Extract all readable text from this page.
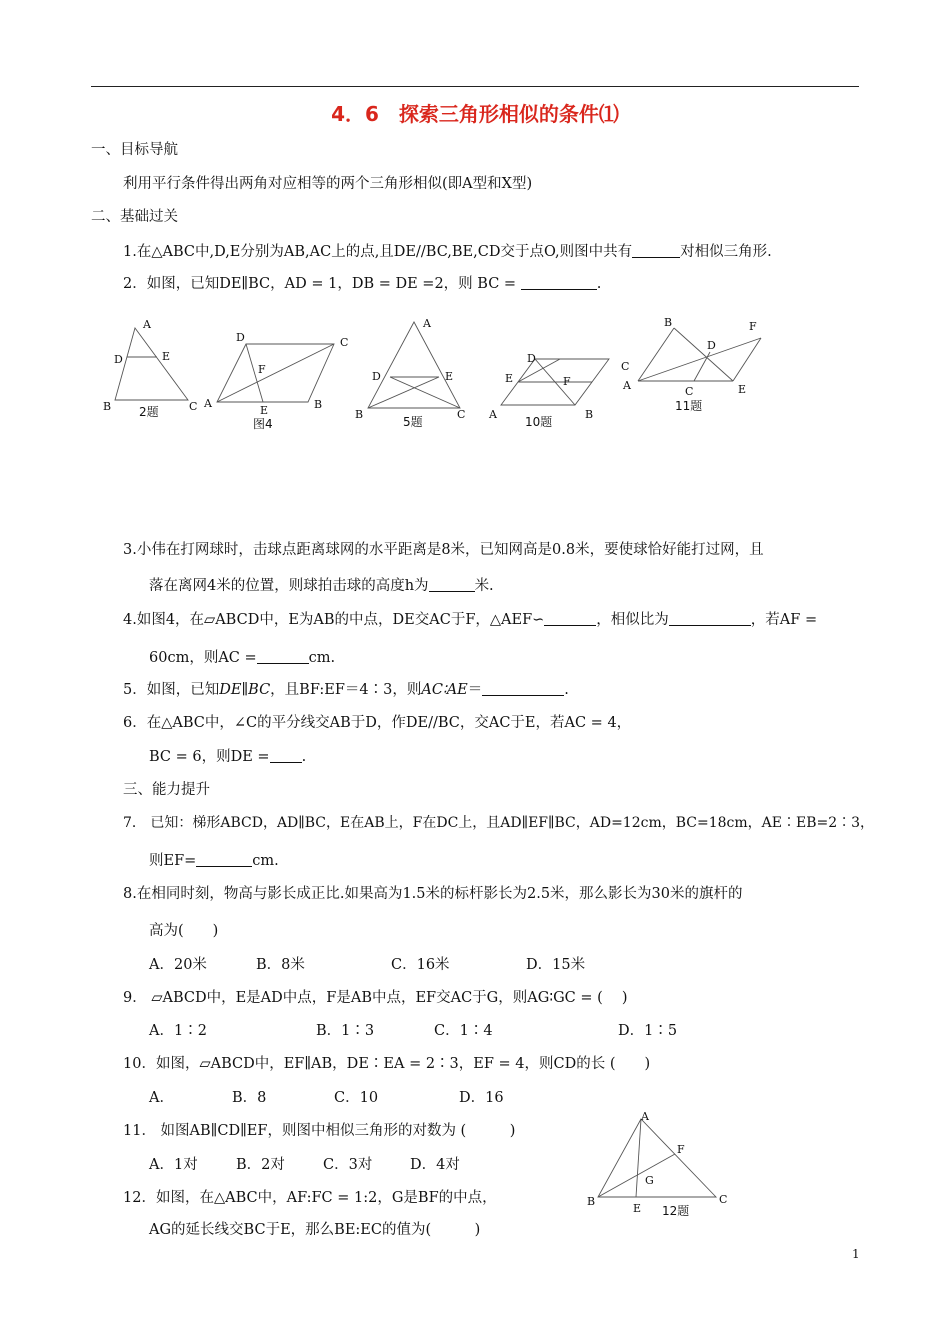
4．6　探索三角形相似的条件⑴
一、目标导航
利用平行条件得出两角对应相等的两个三角形相似(即A型和X型)
二、基础过关
1.在△ABC中,D,E分别为AB,AC上的点,且DE//BC,BE,CD交于点O,则图中共有	对相似三角形.
2．如图，已知DE∥BC，AD = 1，DB = DE =2，则 BC =	.
A
D	E
B	C
2题
D	C
F
A
E	B
图4
A
D	E
B	C
5题
D
C
E	F
A	B
10题
B	F
D
A	C	E
11题
3.小伟在打网球时，击球点距离球网的水平距离是8米，已知网高是0.8米，要使球恰好能打过网，且
落在离网4米的位置，则球拍击球的高度h为	米.
4.如图4，在▱ABCD中，E为AB的中点，DE交AC于F，△AEF∽	，相似比为	，若AF =
60cm，则AC =	cm.
5．如图，已知DE∥BC，且BF:EF＝4∶3，则AC∶AE＝	.
6．在△ABC中，∠C的平分线交AB于D，作DE//BC，交AC于E，若AC = 4，
BC = 6，则DE = .
三、能力提升
7． 已知：梯形ABCD，AD∥BC，E在AB上，F在DC上，且AD∥EF∥BC，AD=12cm，BC=18cm，AE∶EB=2∶3，
则EF=	cm.
8.在相同时刻，物高与影长成正比.如果高为1.5米的标杆影长为2.5米，那么影长为30米的旗杆的
高为(　　)
A．20米	B．8米	C．16米	D．15米
9． ▱ABCD中，E是AD中点，F是AB中点，EF交AC于G，则AG∶GC = (　 )
A．1∶2	B．1∶3	C．1∶4	D．1∶5
10．如图，▱ABCD中，EF∥AB，DE∶EA = 2∶3，EF = 4，则CD的长 (　　)
A．	B．8	C．10	D．16
11． 如图AB∥CD∥EF，则图中相似三角形的对数为 (　　　)
A．1对	B．2对	C．3对	D．4对
12．如图，在△ABC中，AF:FC = 1:2，G是BF的中点，
AG的延长线交BC于E，那么BE:EC的值为(　　　)
A
F
G
B
E
C
12题
1
